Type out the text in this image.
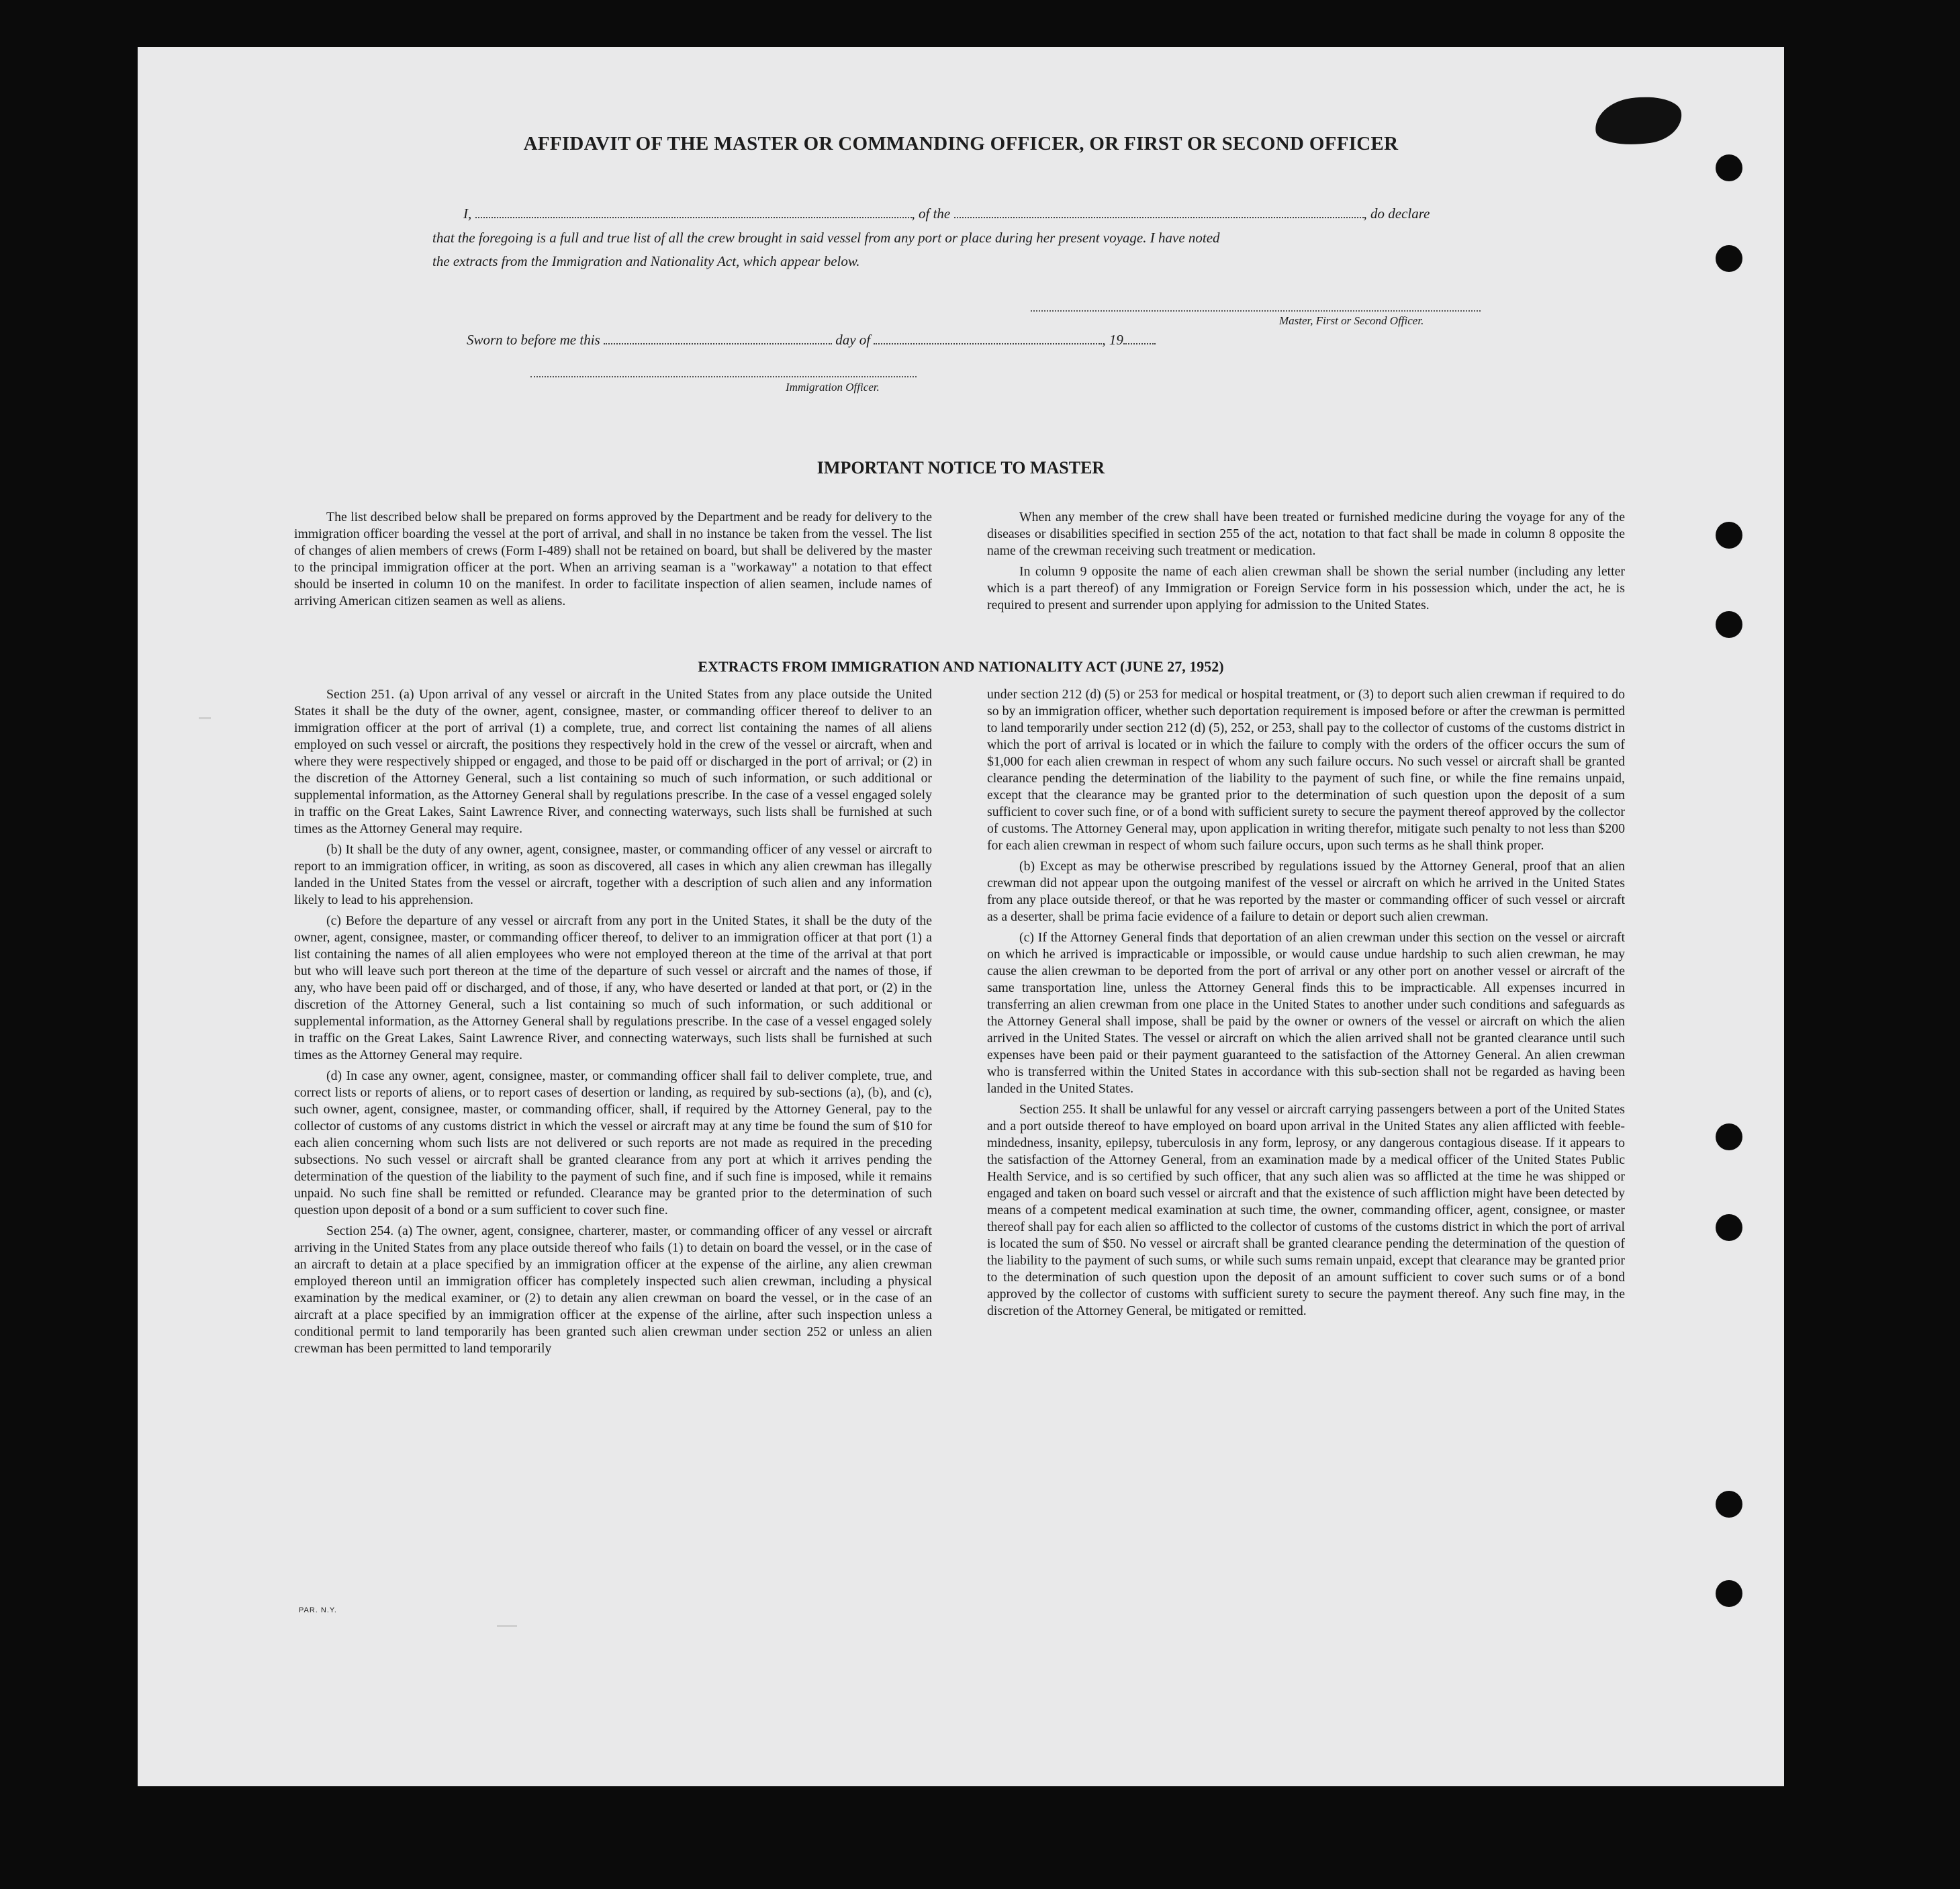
AFFIDAVIT OF THE MASTER OR COMMANDING OFFICER, OR FIRST OR SECOND OFFICER
I,	, of the	, do declare
that the foregoing is a full and true list of all the crew brought in said vessel from any port or place during her present voyage. I have noted
the extracts from the Immigration and Nationality Act, which appear below.
Master, First or Second Officer.
Sworn to before me this	day of	, 19
Immigration Officer.
IMPORTANT NOTICE TO MASTER

The list described below shall be prepared on forms approved by the Department and be ready for delivery to the immigration officer boarding the vessel at the port of arrival, and shall in no instance be taken from the vessel. The list of changes of alien members of crews (Form I-489) shall not be retained on board, but shall be delivered by the master to the principal immigration officer at the port. When an arriving seaman is a "workaway" a notation to that effect should be inserted in column 10 on the manifest. In order to facilitate inspection of alien seamen, include names of arriving American citizen seamen as well as aliens.

When any member of the crew shall have been treated or furnished medicine during the voyage for any of the diseases or disabilities specified in section 255 of the act, notation to that fact shall be made in column 8 opposite the name of the crewman receiving such treatment or medication.

In column 9 opposite the name of each alien crewman shall be shown the serial number (including any letter which is a part thereof) of any Immigration or Foreign Service form in his possession which, under the act, he is required to present and surrender upon applying for admission to the United States.

EXTRACTS FROM IMMIGRATION AND NATIONALITY ACT (JUNE 27, 1952)

Section 251. (a) Upon arrival of any vessel or aircraft in the United States from any place outside the United States it shall be the duty of the owner, agent, consignee, master, or commanding officer thereof to deliver to an immigration officer at the port of arrival (1) a complete, true, and correct list containing the names of all aliens employed on such vessel or aircraft, the positions they respectively hold in the crew of the vessel or aircraft, when and where they were respectively shipped or engaged, and those to be paid off or discharged in the port of arrival; or (2) in the discretion of the Attorney General, such a list containing so much of such information, or such additional or supplemental information, as the Attorney General shall by regulations prescribe. In the case of a vessel engaged solely in traffic on the Great Lakes, Saint Lawrence River, and connecting waterways, such lists shall be furnished at such times as the Attorney General may require.

(b) It shall be the duty of any owner, agent, consignee, master, or commanding officer of any vessel or aircraft to report to an immigration officer, in writing, as soon as discovered, all cases in which any alien crewman has illegally landed in the United States from the vessel or aircraft, together with a description of such alien and any information likely to lead to his apprehension.

(c) Before the departure of any vessel or aircraft from any port in the United States, it shall be the duty of the owner, agent, consignee, master, or commanding officer thereof, to deliver to an immigration officer at that port (1) a list containing the names of all alien employees who were not employed thereon at the time of the arrival at that port but who will leave such port thereon at the time of the departure of such vessel or aircraft and the names of those, if any, who have been paid off or discharged, and of those, if any, who have deserted or landed at that port, or (2) in the discretion of the Attorney General, such a list containing so much of such information, or such additional or supplemental information, as the Attorney General shall by regulations prescribe. In the case of a vessel engaged solely in traffic on the Great Lakes, Saint Lawrence River, and connecting waterways, such lists shall be furnished at such times as the Attorney General may require.

(d) In case any owner, agent, consignee, master, or commanding officer shall fail to deliver complete, true, and correct lists or reports of aliens, or to report cases of desertion or landing, as required by sub-sections (a), (b), and (c), such owner, agent, consignee, master, or commanding officer, shall, if required by the Attorney General, pay to the collector of customs of any customs district in which the vessel or aircraft may at any time be found the sum of $10 for each alien concerning whom such lists are not delivered or such reports are not made as required in the preceding subsections. No such vessel or aircraft shall be granted clearance from any port at which it arrives pending the determination of the question of the liability to the payment of such fine, and if such fine is imposed, while it remains unpaid. No such fine shall be remitted or refunded. Clearance may be granted prior to the determination of such question upon deposit of a bond or a sum sufficient to cover such fine.

Section 254. (a) The owner, agent, consignee, charterer, master, or commanding officer of any vessel or aircraft arriving in the United States from any place outside thereof who fails (1) to detain on board the vessel, or in the case of an aircraft to detain at a place specified by an immigration officer at the expense of the airline, any alien crewman employed thereon until an immigration officer has completely inspected such alien crewman, including a physical examination by the medical examiner, or (2) to detain any alien crewman on board the vessel, or in the case of an aircraft at a place specified by an immigration officer at the expense of the airline, after such inspection unless a conditional permit to land temporarily has been granted such alien crewman under section 252 or unless an alien crewman has been permitted to land temporarily

under section 212 (d) (5) or 253 for medical or hospital treatment, or (3) to deport such alien crewman if required to do so by an immigration officer, whether such deportation requirement is imposed before or after the crewman is permitted to land temporarily under section 212 (d) (5), 252, or 253, shall pay to the collector of customs of the customs district in which the port of arrival is located or in which the failure to comply with the orders of the officer occurs the sum of $1,000 for each alien crewman in respect of whom any such failure occurs. No such vessel or aircraft shall be granted clearance pending the determination of the liability to the payment of such fine, or while the fine remains unpaid, except that the clearance may be granted prior to the determination of such question upon the deposit of a sum sufficient to cover such fine, or of a bond with sufficient surety to secure the payment thereof approved by the collector of customs. The Attorney General may, upon application in writing therefor, mitigate such penalty to not less than $200 for each alien crewman in respect of whom such failure occurs, upon such terms as he shall think proper.

(b) Except as may be otherwise prescribed by regulations issued by the Attorney General, proof that an alien crewman did not appear upon the outgoing manifest of the vessel or aircraft on which he arrived in the United States from any place outside thereof, or that he was reported by the master or commanding officer of such vessel or aircraft as a deserter, shall be prima facie evidence of a failure to detain or deport such alien crewman.

(c) If the Attorney General finds that deportation of an alien crewman under this section on the vessel or aircraft on which he arrived is impracticable or impossible, or would cause undue hardship to such alien crewman, he may cause the alien crewman to be deported from the port of arrival or any other port on another vessel or aircraft of the same transportation line, unless the Attorney General finds this to be impracticable. All expenses incurred in transferring an alien crewman from one place in the United States to another under such conditions and safeguards as the Attorney General shall impose, shall be paid by the owner or owners of the vessel or aircraft on which the alien arrived in the United States. The vessel or aircraft on which the alien arrived shall not be granted clearance until such expenses have been paid or their payment guaranteed to the satisfaction of the Attorney General. An alien crewman who is transferred within the United States in accordance with this sub-section shall not be regarded as having been landed in the United States.

Section 255. It shall be unlawful for any vessel or aircraft carrying passengers between a port of the United States and a port outside thereof to have employed on board upon arrival in the United States any alien afflicted with feeble-mindedness, insanity, epilepsy, tuberculosis in any form, leprosy, or any dangerous contagious disease. If it appears to the satisfaction of the Attorney General, from an examination made by a medical officer of the United States Public Health Service, and is so certified by such officer, that any such alien was so afflicted at the time he was shipped or engaged and taken on board such vessel or aircraft and that the existence of such affliction might have been detected by means of a competent medical examination at such time, the owner, commanding officer, agent, consignee, or master thereof shall pay for each alien so afflicted to the collector of customs of the customs district in which the port of arrival is located the sum of $50. No vessel or aircraft shall be granted clearance pending the determination of the question of the liability to the payment of such sums, or while such sums remain unpaid, except that clearance may be granted prior to the determination of such question upon the deposit of an amount sufficient to cover such sums or of a bond approved by the collector of customs with sufficient surety to secure the payment thereof. Any such fine may, in the discretion of the Attorney General, be mitigated or remitted.

PAR. N.Y.
